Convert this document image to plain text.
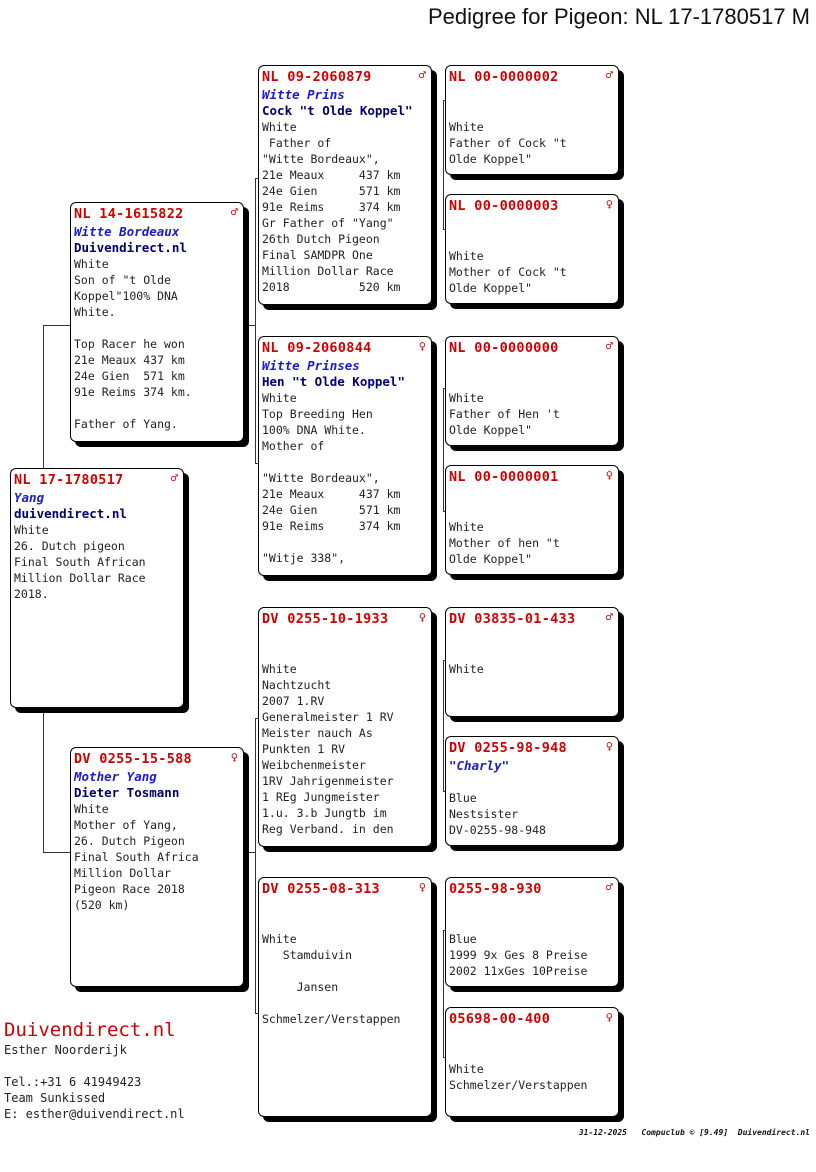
Pedigree for Pigeon: NL 17-1780517 M
NL 17-1780517	♂
Yang
duivendirect.nl
White
26. Dutch pigeon
Final South African
Million Dollar Race
2018.
NL 14-1615822	♂
Witte Bordeaux
Duivendirect.nl
White
Son of "t Olde
Koppel"100% DNA
White.
Top Racer he won
21e Meaux 437 km
24e Gien  571 km
91e Reims 374 km.
Father of Yang.
DV 0255-15-588	♀
Mother Yang
Dieter Tosmann
White
Mother of Yang,
26. Dutch Pigeon
Final South Africa
Million Dollar
Pigeon Race 2018
(520 km)
NL 09-2060879	♂
Witte Prins
Cock "t Olde Koppel"
White
Father of
"Witte Bordeaux",
21e Meaux     437 km
24e Gien      571 km
91e Reims     374 km
Gr Father of "Yang"
26th Dutch Pigeon
Final SAMDPR One
Million Dollar Race
2018          520 km
NL 09-2060844	♀
Witte Prinses
Hen "t Olde Koppel"
White
Top Breeding Hen
100% DNA White.
Mother of
"Witte Bordeaux",
21e Meaux     437 km
24e Gien      571 km
91e Reims     374 km
"Witje 338",
DV 0255-10-1933	♀
White
Nachtzucht
2007 1.RV
Generalmeister 1 RV
Meister nauch As
Punkten 1 RV
Weibchenmeister
1RV Jahrigenmeister
1 REg Jungmeister
1.u. 3.b Jungtb im
Reg Verband. in den
DV 0255-08-313	♀
White
Stamduivin
Jansen
Schmelzer/Verstappen
NL 00-0000002	♂
White
Father of Cock "t
Olde Koppel"
NL 00-0000003	♀
White
Mother of Cock "t
Olde Koppel"
NL 00-0000000	♂
White
Father of Hen 't
Olde Koppel"
NL 00-0000001	♀
White
Mother of hen "t
Olde Koppel"
DV 03835-01-433	♂
White
DV 0255-98-948	♀
"Charly"
Blue
Nestsister
DV-0255-98-948
0255-98-930	♂
Blue
1999 9x Ges 8 Preise
2002 11xGes 10Preise
05698-00-400	♀
White
Schmelzer/Verstappen
Duivendirect.nl
Esther Noorderijk
Tel.:+31 6 41949423
Team Sunkissed
E: esther@duivendirect.nl
31-12-2025   Compuclub © [9.49]  Duivendirect.nl
